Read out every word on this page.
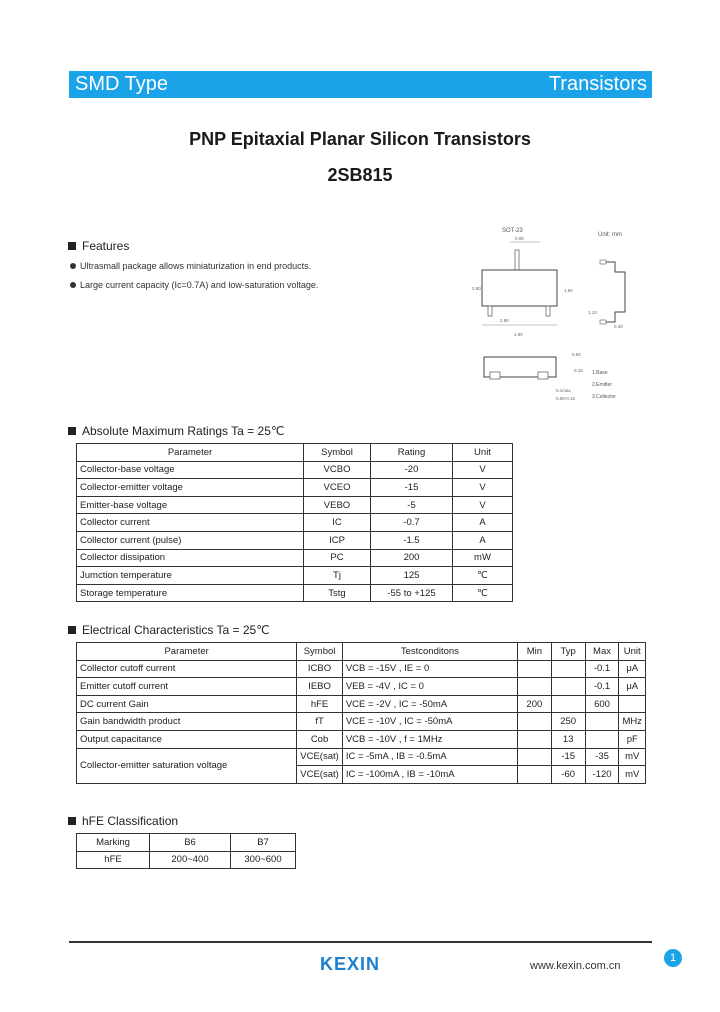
SMD Type	Transistors
PNP Epitaxial Planar Silicon Transistors
2SB815
Features
Ultrasmall package allows miniaturization in end products.
Large current capacity (Ic=0.7A) and low-saturation voltage.
SOT-23
Unit: mm
0.95
2.80	1.60
2.90
1.90
0.40
1.10
0.55
0.1max
0.08-0.15
0.15 1.Base
2.Emitter
3.Collector
Absolute Maximum Ratings Ta = 25℃
Parameter	Symbol	Rating	Unit
Collector-base voltage	VCBO	-20	V
Collector-emitter voltage	VCEO	-15	V
Emitter-base voltage	VEBO	-5	V
Collector current	IC	-0.7	A
Collector current (pulse)	ICP	-1.5	A
Collector dissipation	PC	200	mW
Jumction temperature	Tj	125	℃
Storage temperature	Tstg	-55 to +125	℃
Electrical Characteristics Ta = 25℃
Parameter	Symbol	Testconditons	Min	Typ	Max	Unit
Collector cutoff current	ICBO	VCB = -15V , IE = 0			-0.1	μA
Emitter cutoff current	IEBO	VEB = -4V , IC = 0			-0.1	μA
DC current Gain	hFE	VCE = -2V , IC = -50mA	200		600	
Gain bandwidth product	fT	VCE = -10V , IC = -50mA		250		MHz
Output capacitance	Cob	VCB = -10V , f = 1MHz		13		pF
Collector-emitter saturation voltage	VCE(sat)	IC = -5mA , IB = -0.5mA		-15	-35	mV
	VCE(sat)	IC = -100mA , IB = -10mA		-60	-120	mV
hFE Classification
Marking	B6	B7
hFE	200~400	300~600
KEXIN	www.kexin.com.cn
1
